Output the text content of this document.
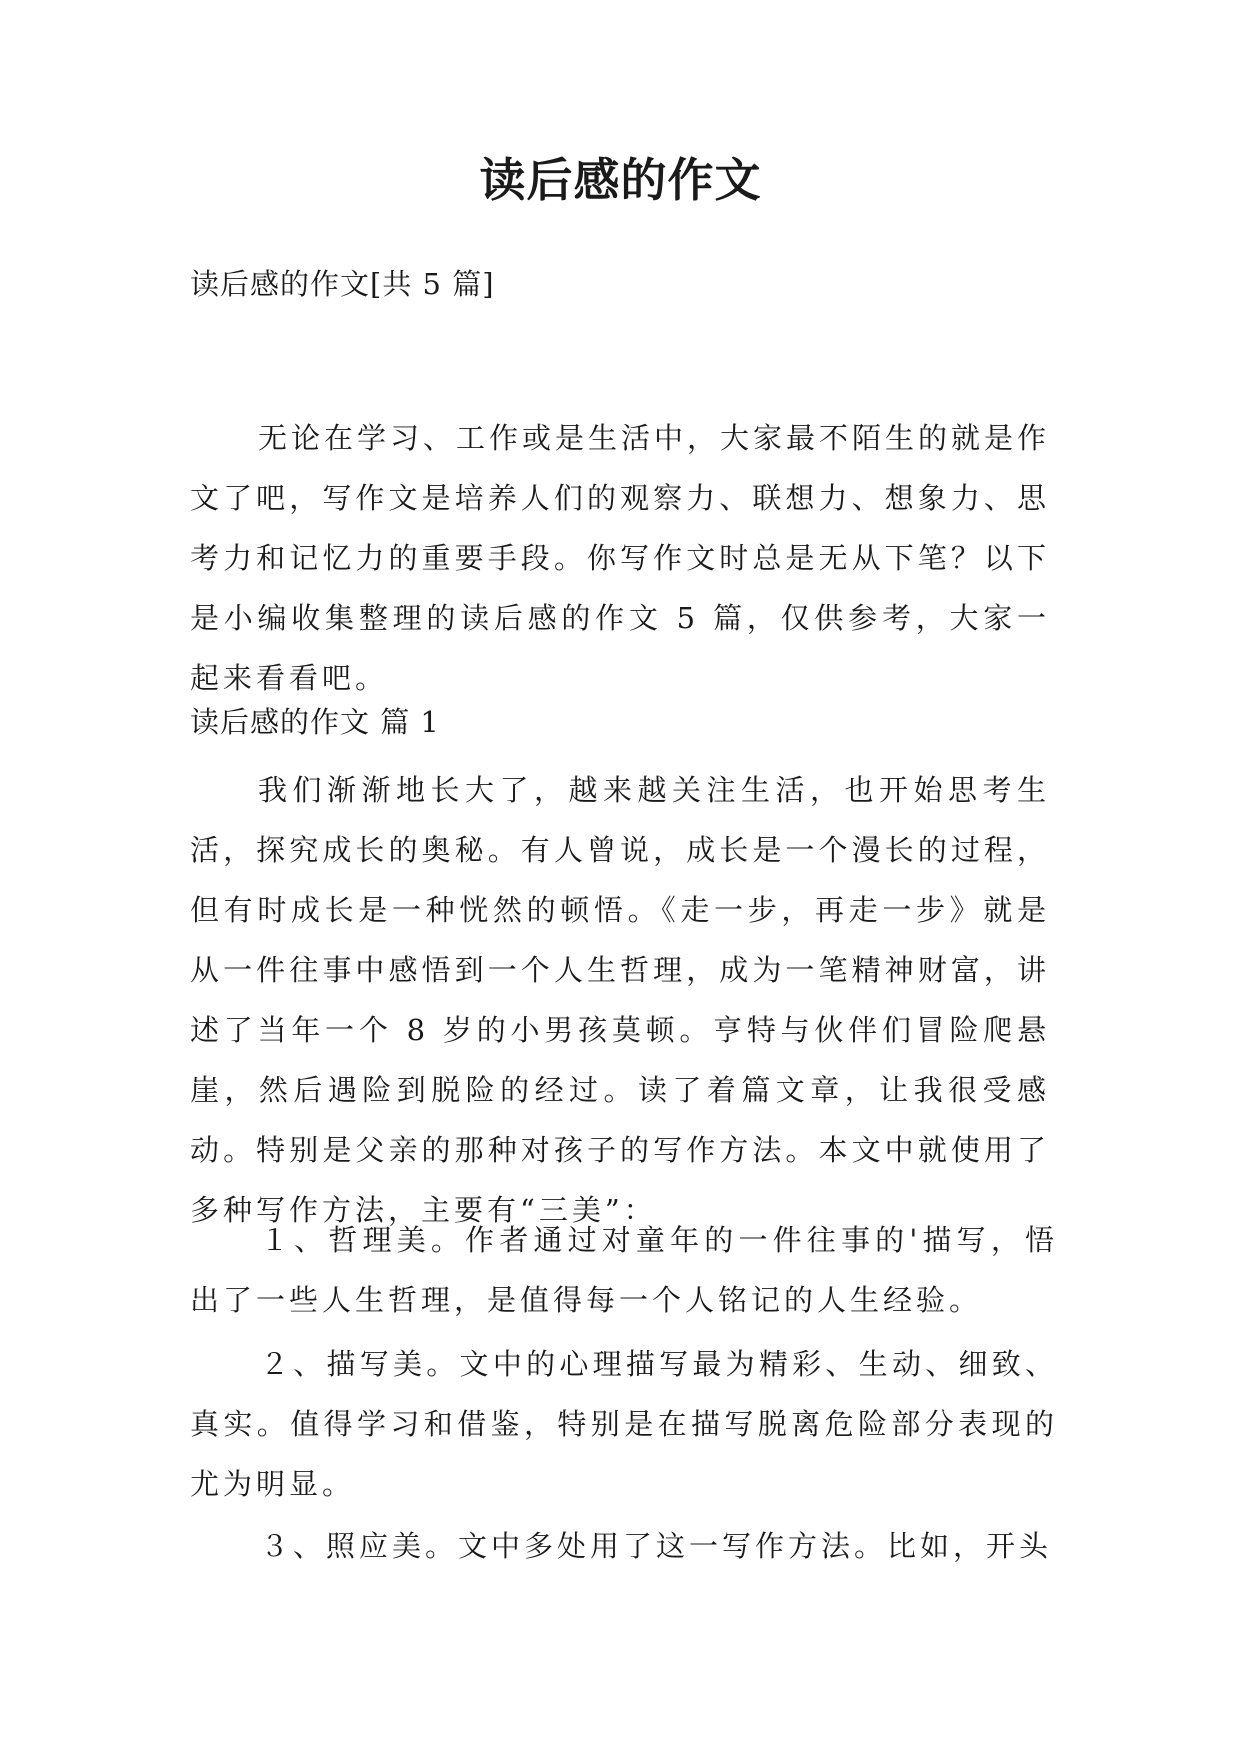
读后感的作文
读后感的作文[共 5 篇]

无论在学习、工作或是生活中，大家最不陌生的就是作文了吧，写作文是培养人们的观察力、联想力、想象力、思考力和记忆力的重要手段。你写作文时总是无从下笔？以下是小编收集整理的读后感的作文 5 篇，仅供参考，大家一起来看看吧。

读后感的作文 篇 1

我们渐渐地长大了，越来越关注生活，也开始思考生活，探究成长的奥秘。有人曾说，成长是一个漫长的过程，但有时成长是一种恍然的顿悟。《走一步，再走一步》就是从一件往事中感悟到一个人生哲理，成为一笔精神财富，讲述了当年一个 8 岁的小男孩莫顿。亨特与伙伴们冒险爬悬崖，然后遇险到脱险的经过。读了着篇文章，让我很受感动。特别是父亲的那种对孩子的写作方法。本文中就使用了多种写作方法，主要有“三美”：

１、哲理美。作者通过对童年的一件往事的'描写，悟出了一些人生哲理，是值得每一个人铭记的人生经验。

２、描写美。文中的心理描写最为精彩、生动、细致、真实。值得学习和借鉴，特别是在描写脱离危险部分表现的尤为明显。

３、照应美。文中多处用了这一写作方法。比如，开头
